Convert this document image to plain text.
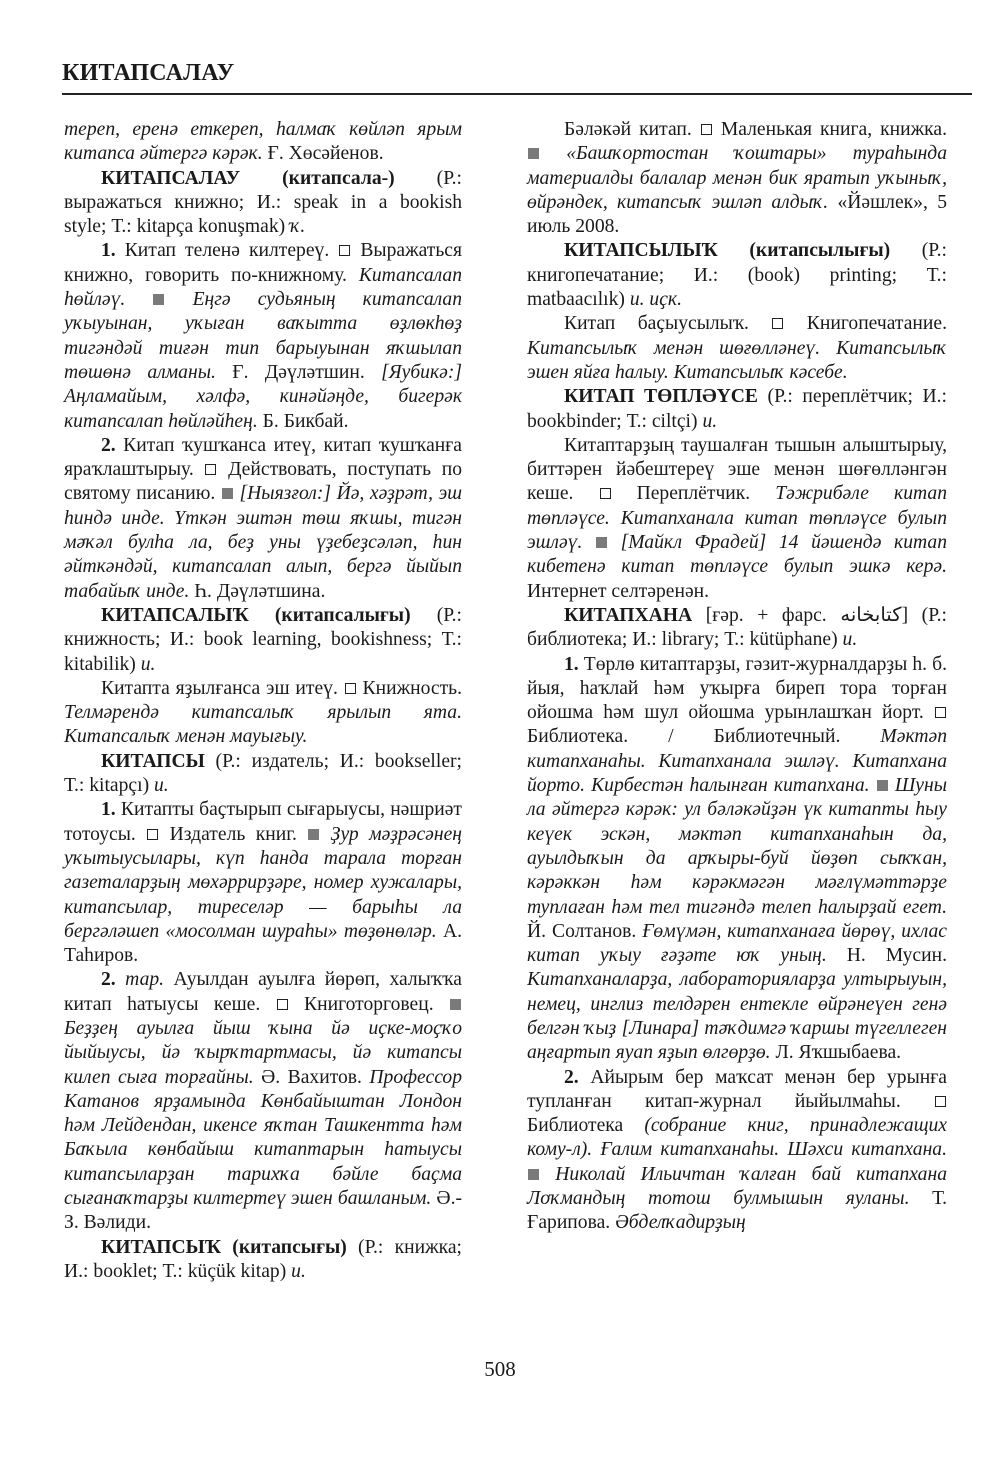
КИТАПСАЛАУ

тереп, еренә еткереп, һалмаҡ көйләп ярым китапса әйтергә кәрәк. Ғ. Хөсәйенов.

КИТАПСАЛАУ (китапсала-) (Р.: выражаться книжно; И.: speak in a bookish style; Т.: kitapça konuşmak) ҡ.

1. Китап теленә килтереү.  Выражаться книжно, говорить по-книжному. Китапсалап һөйләү.  Еңгә судьяның китапсалап уҡыуынан, уҡыған ваҡытта өҙлөкһөҙ тигәндәй тиғән тип барыуынан яҡшылап төшөнә алманы. Ғ. Дәүләтшин. [Яубикә:] Аңламайым, хәлфә, кинәйәңде, бигерәк китапсалап һөйләйһең. Б. Бикбай.

2. Китап ҡушҡанса итеү, китап ҡушҡанға яраҡлаштырыу.  Действовать, поступать по святому писанию.  [Ныязғол:] Йә, хәҙрәт, эш һиндә инде. Үткән эштән төш яҡшы, тигән мәҡәл булһа ла, беҙ уны үҙебеҙсәләп, һин әйткәндәй, китапсалап алып, бергә йыйып табайыҡ инде. Һ. Дәүләтшина.

КИТАПСАЛЫҠ (китапсалығы) (Р.: книжность; И.: book learning, bookishness; Т.: kitabilik) и.

Китапта яҙылғанса эш итеү.  Книжность. Телмәрендә китапсалыҡ ярылып ята. Китапсалыҡ менән мауығыу.

КИТАПСЫ (Р.: издатель; И.: bookseller; Т.: kitapçı) и.

1. Китапты баҫтырып сығарыусы, нәшриәт тотоусы.  Издатель книг.  Ҙур мәҙрәсәнең уҡытыусылары, күп һанда тарала торған газеталарҙың мөхәррирҙәре, номер хужалары, китапсылар, тиреселәр — барыһы ла бергәләшеп «мосолман шураһы» төҙөнөләр. А. Таһиров.

2. тар. Ауылдан ауылға йөрөп, халыҡҡа китап һатыусы кеше.  Книготорговец.  Беҙҙең ауылға йыш ҡына йә иҫке-моҫҡо йыйыусы, йә ҡырҡтартмасы, йә китапсы килеп сыға торғайны. Ә. Вахитов. Профессор Катанов ярҙамында Көнбайыштан Лондон һәм Лейдендан, икенсе яҡтан Ташкентта һәм Баҡыла көнбайыш китаптарын һатыусы китапсыларҙан тарихҡа бәйле баҫма сығанаҡтарҙы килтертеү эшен башланым. Ә.-З. Вәлиди.

КИТАПСЫҠ (китапсығы) (Р.: книжка; И.: booklet; Т.: küçük kitap) и.

Бәләкәй китап.  Маленькая книга, книжка.  «Башҡортостан ҡоштары» тураһында материалды балалар менән бик яратып уҡыныҡ, өйрәндек, китапсыҡ эшләп алдыҡ. «Йәшлек», 5 июль 2008.

КИТАПСЫЛЫҠ (китапсылығы) (Р.: книгопечатание; И.: (book) printing; Т.: matbaacılık) и. иҫк.

Китап баҫыусылыҡ.  Книгопечатание. Китапсылыҡ менән шөғөлләнеү. Китапсылыҡ эшен яйға һалыу. Китапсылыҡ кәсебе.

КИТАП ТӨПЛӘҮСЕ (Р.: переплётчик; И.: bookbinder; Т.: ciltçi) и.

Китаптарҙың таушалған тышын алыштырыу, биттәрен йәбештереү эше менән шөғөлләнгән кеше.  Переплётчик. Тәжрибәле китап төпләүсе. Китапханала китап төпләүсе булып эшләү.  [Майкл Фрадей] 14 йәшендә китап кибетенә китап төпләүсе булып эшкә керә. Интернет селтәренән.

КИТАПХАНА [ғәр. + фарс. کتابخانه] (Р.: библиотека; И.: library; Т.: kütüphane) и.

1. Төрлө китаптарҙы, гәзит-журналдарҙы һ. б. йыя, һаҡлай һәм уҡырға биреп тора торған ойошма һәм шул ойошма урынлашҡан йорт.  Библиотека. / Библиотечный. Мәктәп китапханаһы. Китапханала эшләү. Китапхана йорто. Кирбестән һалынған китапхана.  Шуны ла әйтергә кәрәк: ул бәләкәйҙән үк китапты һыу кеүек эскән, мәктәп китапханаһын да, ауылдыҡын да арҡыры-буй йөҙөп сыҡҡан, кәрәккән һәм кәрәкмәгән мәғлүмәттәрҙе туплаған һәм тел тигәндә телеп һалырҙай егет. Й. Солтанов. Ғөмүмән, китапханаға йөрөү, ихлас китап уҡыу ғәҙәте юҡ уның. Н. Мусин. Китапханаларҙа, лабораторияларҙа ултырыуын, немец, инглиз телдәрен ентекле өйрәнеүен генә белгән ҡыҙ [Линара] тәҡдимгә ҡаршы түгеллеген аңғартып яуап яҙып өлгөрҙө. Л. Яҡшыбаева.

2. Айырым бер маҡсат менән бер урынға тупланған китап-журнал йыйылмаһы.  Библиотека (собрание книг, принадлежащих кому-л). Ғалим китапханаһы. Шәхси китапхана.  Николай Ильичтан ҡалған бай китапхана Лоҡмандың тотош булмышын яуланы. Т. Ғарипова. Әбделҡадирҙың

508
